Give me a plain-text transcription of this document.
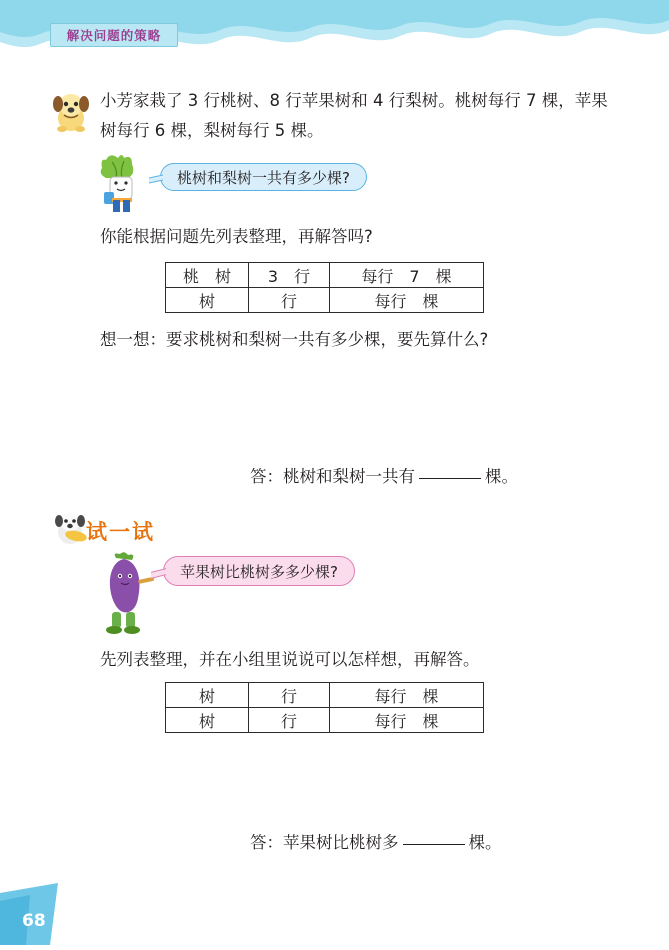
解决问题的策略
小芳家栽了 3 行桃树、8 行苹果树和 4 行梨树。桃树每行 7 棵，苹果树每行 6 棵，梨树每行 5 棵。
桃树和梨树一共有多少棵?
你能根据问题先列表整理，再解答吗?
桃　树	3　行	每行　7　棵
树	行	每行　棵
想一想：要求桃树和梨树一共有多少棵，要先算什么?
答：桃树和梨树一共有	棵。
试一试
苹果树比桃树多多少棵?
先列表整理，并在小组里说说可以怎样想，再解答。
树	行	每行　棵
树	行	每行　棵
答：苹果树比桃树多	棵。
68
